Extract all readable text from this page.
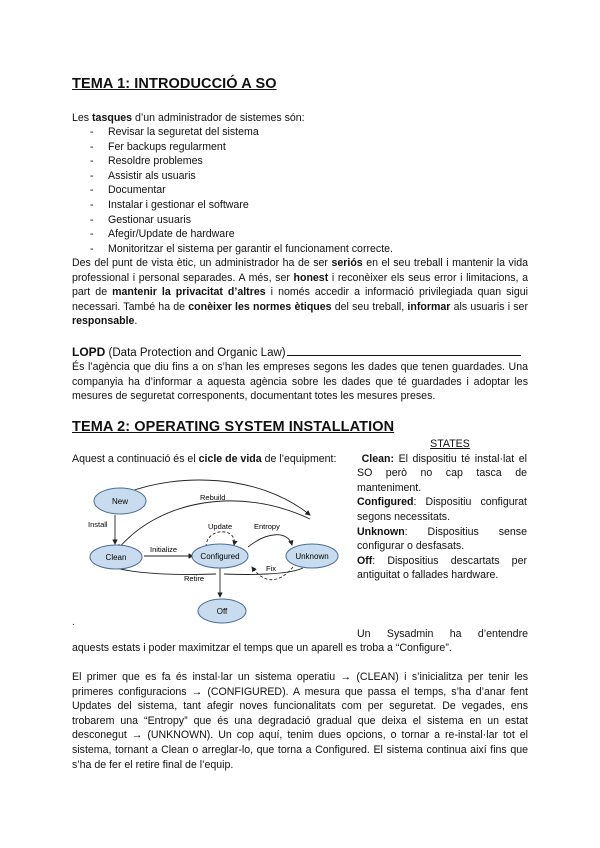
TEMA 1: INTRODUCCIÓ A SO
Les tasques d’un administrador de sistemes són:
- Revisar la seguretat del sistema
- Fer backups regularment
- Resoldre problemes
- Assistir als usuaris
- Documentar
- Instalar i gestionar el software
- Gestionar usuaris
- Afegir/Update de hardware
- Monitoritzar el sistema per garantir el funcionament correcte.
Des del punt de vista ètic, un administrador ha de ser seriós en el seu treball i mantenir la vida professional i personal separades. A més, ser honest i reconèixer els seus error i limitacions, a part de mantenir la privacitat d’altres i només accedir a informació privilegiada quan sigui necessari. També ha de conèixer les normes ètiques del seu treball, informar als usuaris i ser responsable.
LOPD (Data Protection and Organic Law)
És l’agència que diu fins a on s’han les empreses segons les dades que tenen guardades. Una companyia ha d’informar a aquesta agència sobre les dades que té guardades i adoptar les mesures de seguretat corresponents, documentant totes les mesures preses.
TEMA 2: OPERATING SYSTEM INSTALLATION
Aquest a continuació és el cicle de vida de l’equipment:
New
Clean	Configured	Unknown
Off
Rebuild
Install
Initialize
Update	Entropy
Fix
Retire
STATES

Clean: El dispositiu té instal·lat el SO però no cap tasca de manteniment.

Configured: Dispositiu configurat segons necessitats.

Unknown: Dispositius sense configurar o desfasats.

Off: Dispositius descartats per antiguitat o fallades hardware.

.
Un Sysadmin ha d’entendre
aquests estats i poder maximitzar el temps que un aparell es troba a “Configure”.
El primer que es fa és instal·lar un sistema operatiu → (CLEAN) i s’inicialitza per tenir les primeres configuracions → (CONFIGURED). A mesura que passa el temps, s’ha d’anar fent Updates del sistema, tant afegir noves funcionalitats com per seguretat. De vegades, ens trobarem una “Entropy” que és una degradació gradual que deixa el sistema en un estat desconegut → (UNKNOWN). Un cop aquí, tenim dues opcions, o tornar a re-instal·lar tot el sistema, tornant a Clean o arreglar-lo, que torna a Configured. El sistema continua així fins que s’ha de fer el retire final de l’equip.
